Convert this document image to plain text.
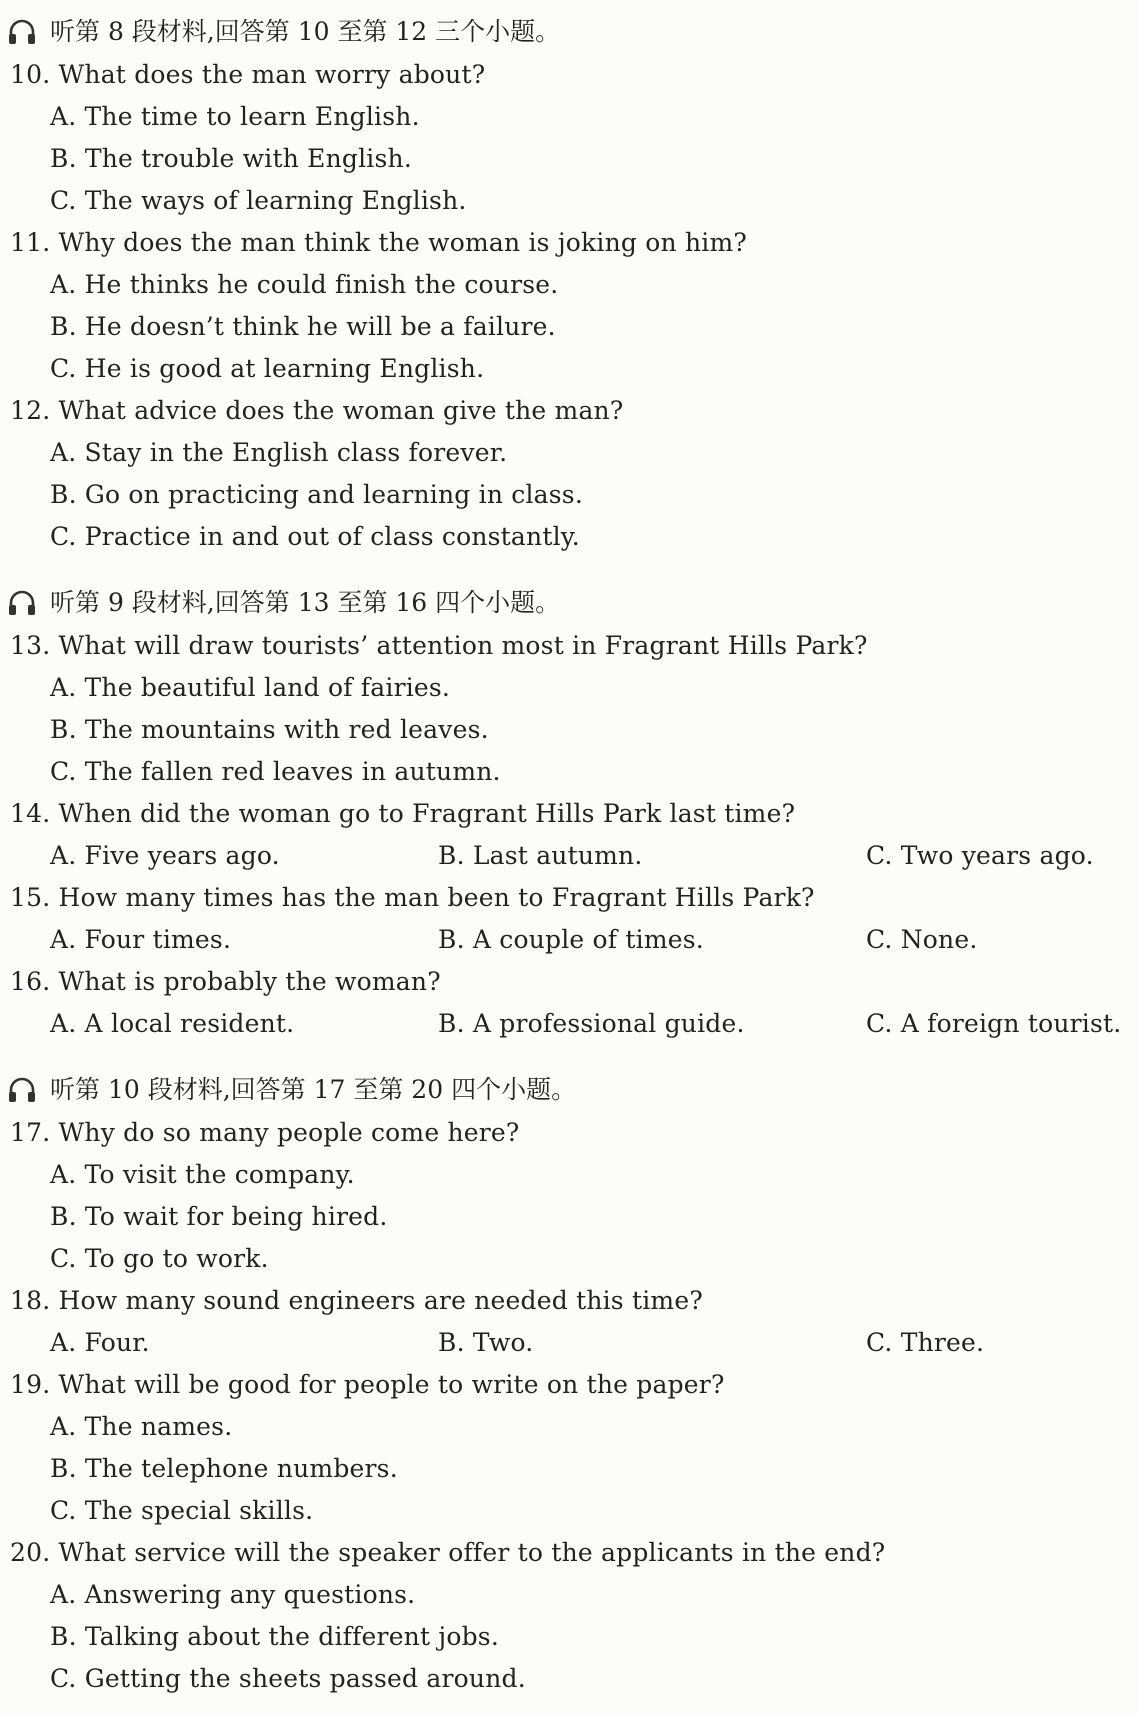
听第 8 段材料,回答第 10 至第 12 三个小题。
10. What does the man worry about?
A. The time to learn English.
B. The trouble with English.
C. The ways of learning English.
11. Why does the man think the woman is joking on him?
A. He thinks he could finish the course.
B. He doesn’t think he will be a failure.
C. He is good at learning English.
12. What advice does the woman give the man?
A. Stay in the English class forever.
B. Go on practicing and learning in class.
C. Practice in and out of class constantly.
听第 9 段材料,回答第 13 至第 16 四个小题。
13. What will draw tourists’ attention most in Fragrant Hills Park?
A. The beautiful land of fairies.
B. The mountains with red leaves.
C. The fallen red leaves in autumn.
14. When did the woman go to Fragrant Hills Park last time?
A. Five years ago.	B. Last autumn.	C. Two years ago.
15. How many times has the man been to Fragrant Hills Park?
A. Four times.	B. A couple of times.	C. None.
16. What is probably the woman?
A. A local resident.	B. A professional guide.	C. A foreign tourist.
听第 10 段材料,回答第 17 至第 20 四个小题。
17. Why do so many people come here?
A. To visit the company.
B. To wait for being hired.
C. To go to work.
18. How many sound engineers are needed this time?
A. Four.	B. Two.	C. Three.
19. What will be good for people to write on the paper?
A. The names.
B. The telephone numbers.
C. The special skills.
20. What service will the speaker offer to the applicants in the end?
A. Answering any questions.
B. Talking about the different jobs.
C. Getting the sheets passed around.
